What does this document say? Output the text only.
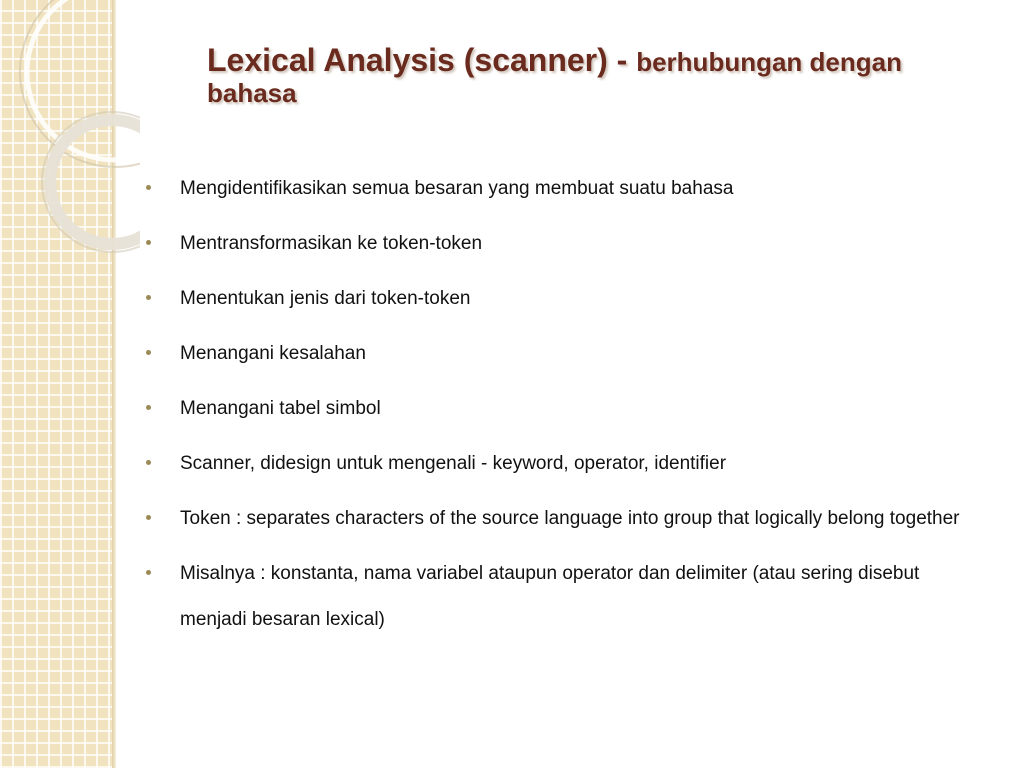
Lexical Analysis (scanner) - berhubungan dengan bahasa
Mengidentifikasikan semua besaran yang membuat suatu bahasa
Mentransformasikan ke token-token
Menentukan jenis dari token-token
Menangani kesalahan
Menangani tabel simbol
Scanner, didesign untuk mengenali - keyword, operator, identifier
Token : separates characters of the source language into group that logically belong together
Misalnya : konstanta, nama variabel ataupun operator dan delimiter (atau sering disebut menjadi besaran lexical)
